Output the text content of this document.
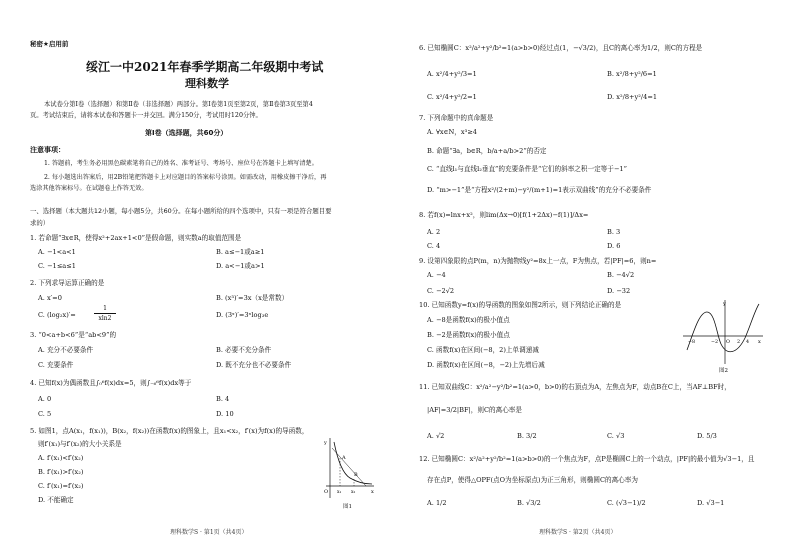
秘密★启用前
绥江一中2021年春季学期高二年级期中考试
理科数学
本试卷分第Ⅰ卷（选择题）和第Ⅱ卷（非选择题）两部分。第Ⅰ卷第1页至第2页，第Ⅱ卷第3页至第4
页。考试结束后，请将本试卷和答题卡一并交回。满分150分，考试用时120分钟。
第Ⅰ卷（选择题，共60分）
注意事项：
1. 答题前，考生务必用黑色碳素笔将自己的姓名、准考证号、考场号、座位号在答题卡上填写清楚。
2. 每小题选出答案后，用2B铅笔把答题卡上对应题目的答案标号涂黑。如需改动，用橡皮擦干净后，再
选涂其他答案标号。在试题卷上作答无效。
一、选择题（本大题共12小题，每小题5分，共60分。在每小题所给的四个选项中，只有一项是符合题目要
求的）
1. 若命题“∃x∈R，使得x²+2ax+1<0”是假命题，则实数a的取值范围是
A. −1<a<1	B. a≤−1或a≥1
C. −1≤a≤1	D. a<−1或a>1
2. 下列求导运算正确的是
A. x′=0	B. (x³)′=3x（x是常数）
C. (log₂x)′=
1
xln2	D. (3ˣ)′=3ˣlog₃e
3. “0<a+b<6”是“ab<9”的
A. 充分不必要条件	B. 必要不充分条件
C. 充要条件	D. 既不充分也不必要条件
4. 已知f(x)为偶函数且∫₀⁶f(x)dx=5，则∫₋₆⁶f(x)dx等于
A. 0	B. 4
C. 5	D. 10
5. 如图1，点A(x₁，f(x₁))，B(x₂，f(x₂))在函数f(x)的图象上，且x₁<x₂，f′(x)为f(x)的导函数，
则f′(x₁)与f′(x₂)的大小关系是
A. f′(x₁)<f′(x₂)
B. f′(x₁)>f′(x₂)
C. f′(x₁)=f′(x₂)
D. 不能确定
y
A
B
O x₁ x₂	x
图1
理科数学S · 第1页（共4页）
6. 已知椭圆C：x²/a²+y²/b²=1(a>b>0)经过点(1，−√3/2)，且C的离心率为1/2，则C的方程是
A. x²/4+y²/3=1	B. x²/8+y²/6=1
C. x²/4+y²/2=1	D. x²/8+y²/4=1
7. 下列命题中的真命题是
A. ∀x∈N，x³≥4
B. 命题“∃a，b∈R，b/a+a/b>2”的否定
C. “直线l₁与直线l₂垂直”的充要条件是“它们的斜率之积一定等于−1”
D. “m>−1”是“方程x²/(2+m)−y²/(m+1)=1表示双曲线”的充分不必要条件
8. 若f(x)=lnx+x²，则lim(Δx→0)[f(1+2Δx)−f(1)]/Δx=
A. 2	B. 3
C. 4	D. 6
9. 设第四象限的点P(m，n)为抛物线y²=8x上一点，F为焦点，若|PF|=6，则n=
A. −4	B. −4√2
C. −2√2	D. −32
10. 已知函数y=f(x)的导函数的图象如图2所示，则下列结论正确的是
A. −8是函数f(x)的极小值点
B. −2是函数f(x)的极小值点
C. 函数f(x)在区间(−8，2)上单调递减
D. 函数f(x)在区间(−8，−2)上先增后减
y
−8	−2 O 2 4 x
图2
11. 已知双曲线C：x²/a²−y²/b²=1(a>0，b>0)的右顶点为A，左焦点为F，动点B在C上，当AF⊥BF时，
|AF|=3/2|BF|，则C的离心率是
A. √2	B. 3/2	C. √3	D. 5/3
12. 已知椭圆C：x²/a²+y²/b²=1(a>b>0)的一个焦点为F，点P是椭圆C上的一个动点，|PF|的最小值为√3−1，且
存在点P，使得△OPF(点O为坐标原点)为正三角形，则椭圆C的离心率为
A. 1/2	B. √3/2	C. (√3−1)/2	D. √3−1
理科数学S · 第2页（共4页）
